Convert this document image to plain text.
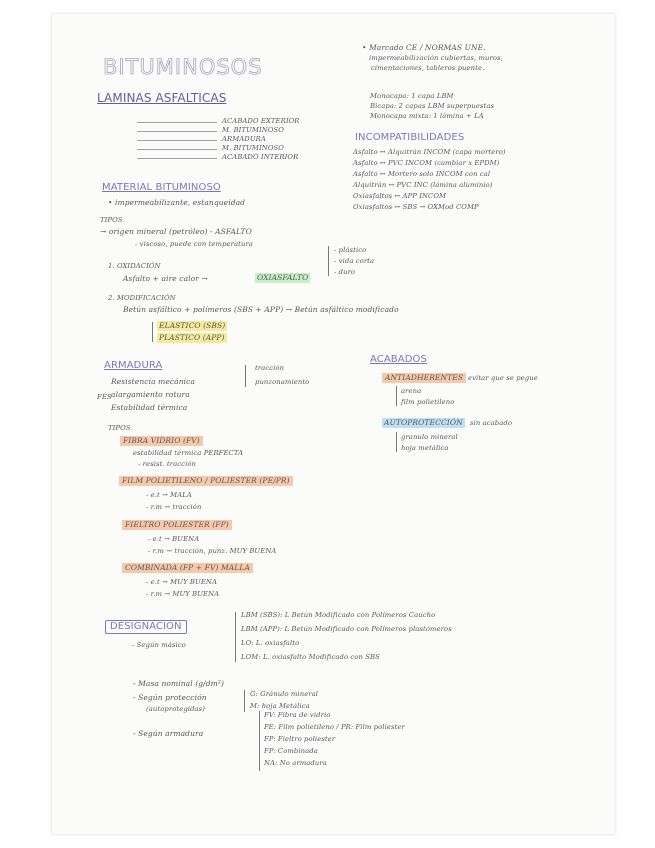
BITUMINOSOS
LAMINAS ASFALTICAS
ACABADO EXTERIOR
M. BITUMINOSO
ARMADURA
M. BITUMINOSO
ACABADO INTERIOR
• Marcado CE / NORMAS UNE.
impermeabilización cubiertas, muros,
cimentaciones, tableros puente.
Monocapa: 1 capa LBM
Bicapa: 2 capas LBM superpuestas
Monocapa mixta: 1 lámina + LA
INCOMPATIBILIDADES
Asfalto ↔ Alquitrán INCOM (capa mortero)
Asfalto ↔ PVC INCOM (cambiar x EPDM)
Asfalto ↔ Mortero solo INCOM con cal
Alquitrán ↔ PVC INC (lámina aluminio)
Oxiasfaltos ↔ APP INCOM
Oxiasfaltos ↔ SBS → OXMod COMP
MATERIAL BITUMINOSO
• impermeabilizante, estanqueidad
TIPOS
→ origen mineral (petróleo) - ASFALTO
- viscoso, puede con temperatura
1. OXIDACIÓN
Asfalto + aire calor →	OXIASFALTO
- plástico
- vida corta
- duro
2. MODIFICACIÓN
Betún asfáltico + polímeros (SBS + APP) → Betún asfáltico modificado
ELASTICO (SBS)
PLASTICO (APP)
ARMADURA
Resistencia mecánica
alargamiento rotura
Estabilidad térmica
FES
tracción
punzonamiento
TIPOS
FIBRA VIDRIO (FV)
estabilidad térmica PERFECTA
- resist. tracción
FILM POLIETILENO / POLIESTER (PE/PR)
- e.t → MALA
- r.m → tracción
FIELTRO POLIESTER (FP)
- e.t → BUENA
- r.m → tracción, punz. MUY BUENA
COMBINADA (FP + FV) MALLA
- e.t → MUY BUENA
- r.m → MUY BUENA
ACABADOS
ANTIADHERENTES evitar que se pegue
arena
film polietileno
AUTOPROTECCIÓN sin acabado
granulo mineral
hoja metálica
DESIGNACIÓN
- Según másico
LBM (SBS): L Betún Modificado con Polímeros Caucho
LBM (APP): L Betún Modificado con Polímeros plastómeros
LO: L. oxiasfalto
LOM: L. oxiasfalto Modificado con SBS
- Masa nominal (g/dm²)
- Según protección
(autoprotegidas)
G: Gránulo mineral
M: hoja Metálica
- Según armadura
FV: Fibra de vidrio
PE: Film polietileno / PR: Film poliester
FP: Fieltro poliester
FP: Combinada
NA: No armadura
